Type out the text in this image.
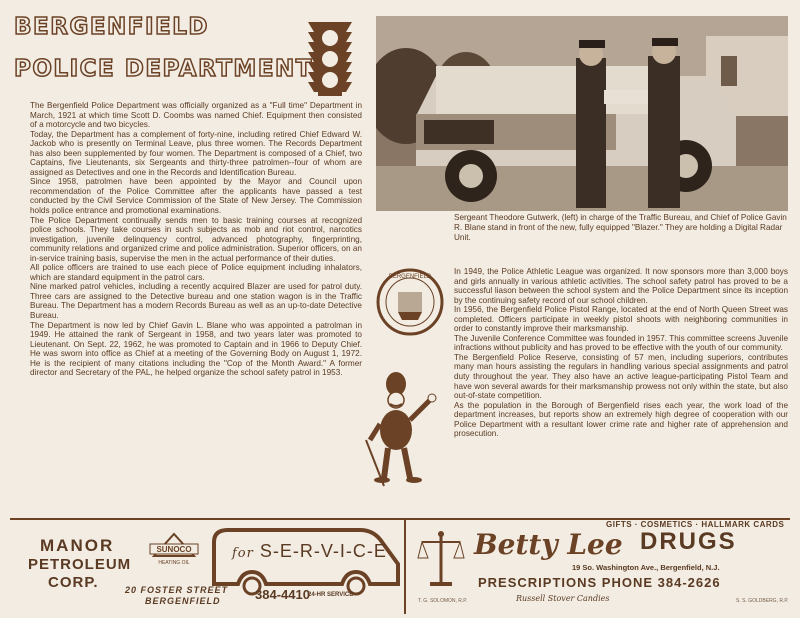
BERGENFIELD
POLICE DEPARTMENT
Sergeant Theodore Gutwerk, (left) in charge of the Traffic Bureau, and Chief of Police Gavin R. Blane stand in front of the new, fully equipped "Blazer." They are holding a Digital Radar Unit.

The Bergenfield Police Department was officially organized as a "Full time" Department in March, 1921 at which time Scott D. Coombs was named Chief. Equipment then consisted of a motorcycle and two bicycles.

Today, the Department has a complement of forty-nine, including retired Chief Edward W. Jackob who is presently on Terminal Leave, plus three women. The Records Department has also been supplemented by four women. The Department is composed of a Chief, two Captains, five Lieutenants, six Sergeants and thirty-three patrolmen--four of whom are assigned as Detectives and one in the Records and Identification Bureau.

Since 1958, patrolmen have been appointed by the Mayor and Council upon recommendation of the Police Committee after the applicants have passed a test conducted by the Civil Service Commission of the State of New Jersey. The Commission holds police entrance and promotional examinations.

The Police Department continually sends men to basic training courses at recognized police schools. They take courses in such subjects as mob and riot control, narcotics investigation, juvenile delinquency control, advanced photography, fingerprinting, community relations and organized crime and police administration. Superior officers, on an in-service training basis, supervise the men in the actual performance of their duties.

All police officers are trained to use each piece of Police equipment including inhalators, which are standard equipment in the patrol cars.

Nine marked patrol vehicles, including a recently acquired Blazer are used for patrol duty. Three cars are assigned to the Detective bureau and one station wagon is in the Traffic Bureau. The Department has a modern Records Bureau as well as an up-to-date Detective Bureau.

The Department is now led by Chief Gavin L. Blane who was appointed a patrolman in 1949. He attained the rank of Sergeant in 1958, and two years later was promoted to Lieutenant. On Sept. 22, 1962, he was promoted to Captain and in 1966 to Deputy Chief. He was sworn into office as Chief at a meeting of the Governing Body on August 1, 1972. He is the recipient of many citations including the "Cop of the Month Award." A former director and Secretary of the PAL, he helped organize the school safety patrol in 1953.

BERGENFIELD

In 1949, the Police Athletic League was organized. It now sponsors more than 3,000 boys and girls annually in various athletic activities. The school safety patrol has proved to be a successful liason between the school system and the Police Department since its inception by the continuing safety record of our school children.

In 1956, the Bergenfield Police Pistol Range, located at the end of North Queen Street was completed. Officers participate in weekly pistol shoots with neighboring communities in order to constantly improve their marksmanship.

The Juvenile Conference Committee was founded in 1957. This committee screens Juvenile infractions without publicity and has proved to be effective with the youth of our community.

The Bergenfield Police Reserve, consisting of 57 men, including superiors, contributes many man hours assisting the regulars in handling various special assignments and patrol duty throughout the year. They also have an active league-participating Pistol Team and have won several awards for their marksmanship prowess not only within the state, but also out-of-state competition.

As the population in the Borough of Bergenfield rises each year, the work load of the department increases, but reports show an extremely high degree of cooperation with our Police Department with a resultant lower crime rate and higher rate of apprehension and prosecution.

MANOR
PETROLEUM
CORP.
SUNOCO
HEATING OIL
20 FOSTER STREET
BERGENFIELD
for S-E-R-V-I-C-E
384-4410
24-HR SERVICE
GIFTS · COSMETICS · HALLMARK CARDS
Betty Lee DRUGS
19 So. Washington Ave., Bergenfield, N.J.
PRESCRIPTIONS PHONE 384-2626
Russell Stover Candies
T. G. SOLOMON, R.P.	S. S. GOLDBERG, R.P.
